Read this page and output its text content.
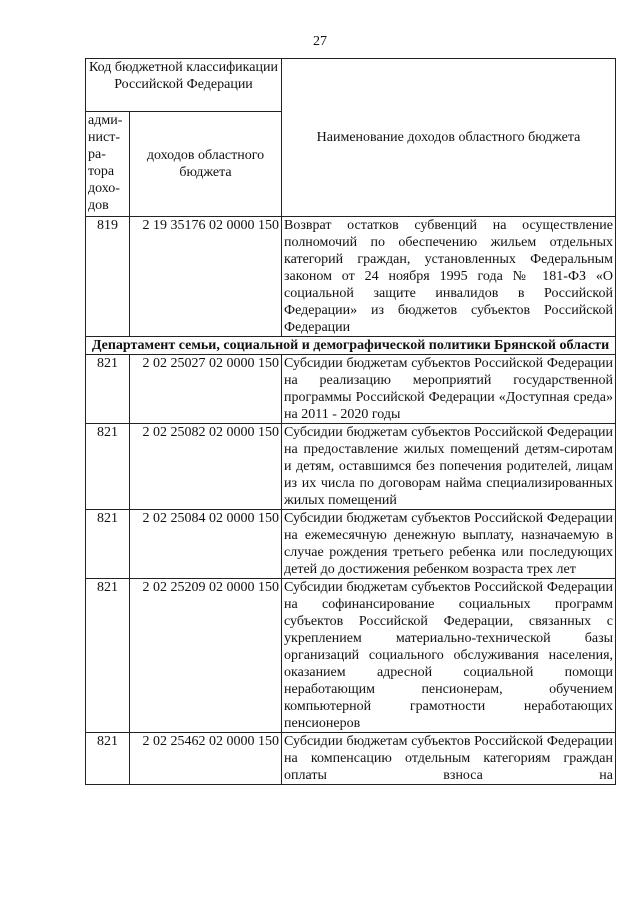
27
Код бюджетной классификации Российской Федерации		Наименование доходов областного бюджета
адми-нист-ра-тора дохо-дов	доходов областного бюджета	
819	2 19 35176 02 0000 150	Возврат остатков субвенций на осуществление полномочий по обеспечению жильем отдельных категорий граждан, установленных Федеральным законом от 24 ноября 1995 года № 181-ФЗ «О социальной защите инвалидов в Российской Федерации» из бюджетов субъектов Российской Федерации
Департамент семьи, социальной и демографической политики Брянской области		
821	2 02 25027 02 0000 150	Субсидии бюджетам субъектов Российской Федерации на реализацию мероприятий государственной программы Российской Федерации «Доступная среда» на 2011 - 2020 годы
821	2 02 25082 02 0000 150	Субсидии бюджетам субъектов Российской Федерации на предоставление жилых помещений детям-сиротам и детям, оставшимся без попечения родителей, лицам из их числа по договорам найма специализированных жилых помещений
821	2 02 25084 02 0000 150	Субсидии бюджетам субъектов Российской Федерации на ежемесячную денежную выплату, назначаемую в случае рождения третьего ребенка или последующих детей до достижения ребенком возраста трех лет
821	2 02 25209 02 0000 150	Субсидии бюджетам субъектов Российской Федерации на софинансирование социальных программ субъектов Российской Федерации, связанных с укреплением материально-технической базы организаций социального обслуживания населения, оказанием адресной социальной помощи неработающим пенсионерам, обучением компьютерной грамотности неработающих пенсионеров
821	2 02 25462 02 0000 150	Субсидии бюджетам субъектов Российской Федерации на компенсацию отдельным категориям граждан оплаты взноса на
